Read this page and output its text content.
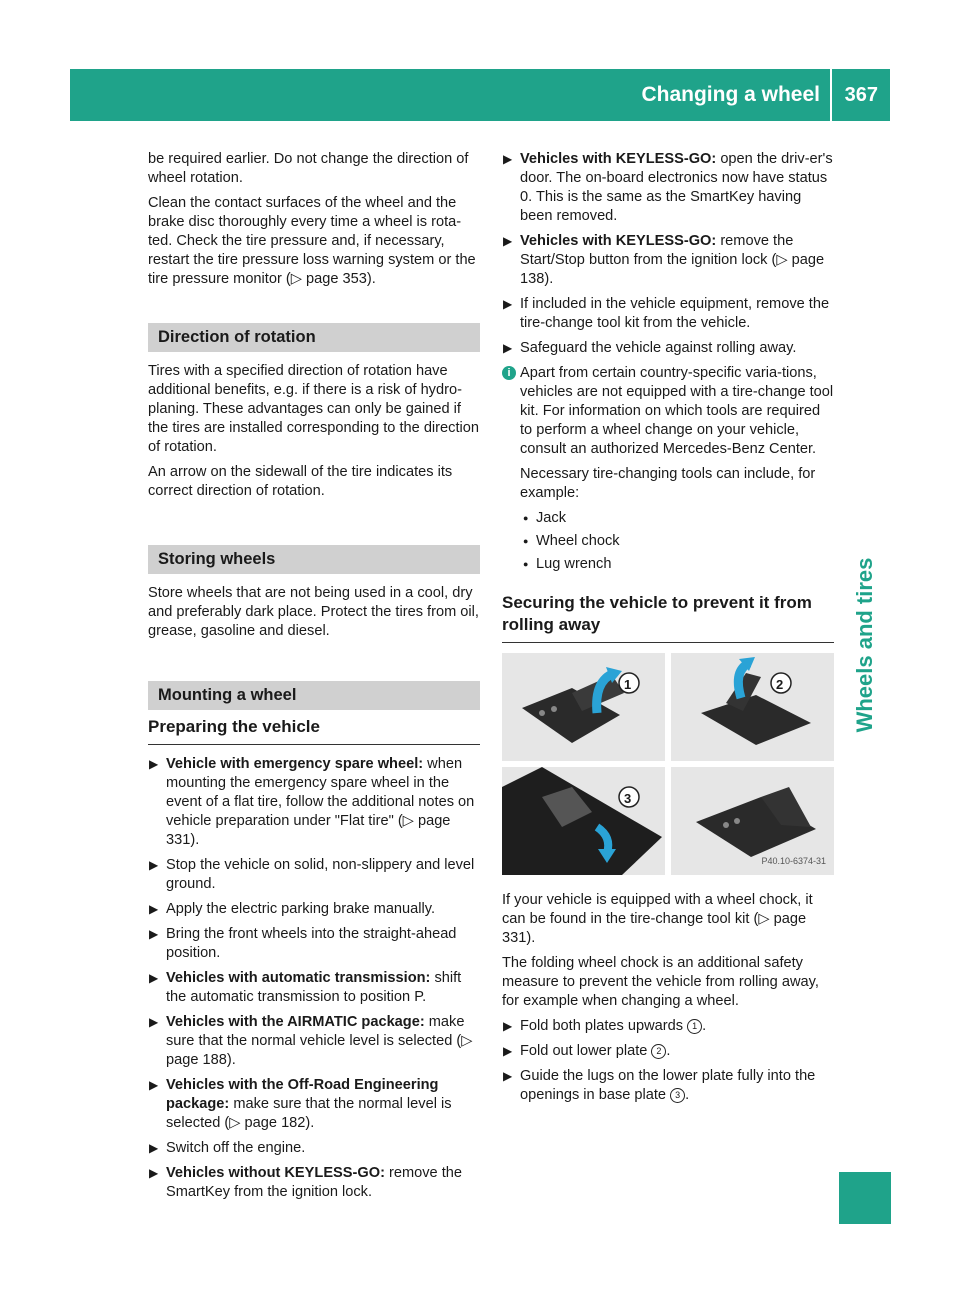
Changing a wheel 367
Wheels and tires

be required earlier. Do not change the direction of wheel rotation.

Clean the contact surfaces of the wheel and the brake disc thoroughly every time a wheel is rota-ted. Check the tire pressure and, if necessary, restart the tire pressure loss warning system or the tire pressure monitor (▷ page 353).

Direction of rotation

Tires with a specified direction of rotation have additional benefits, e.g. if there is a risk of hydro-planing. These advantages can only be gained if the tires are installed corresponding to the direction of rotation.

An arrow on the sidewall of the tire indicates its correct direction of rotation.

Storing wheels

Store wheels that are not being used in a cool, dry and preferably dark place. Protect the tires from oil, grease, gasoline and diesel.

Mounting a wheel
Preparing the vehicle
▶ Vehicle with emergency spare wheel: when mounting the emergency spare wheel in the event of a flat tire, follow the additional notes on vehicle preparation under "Flat tire" (▷ page 331).
▶ Stop the vehicle on solid, non-slippery and level ground.
▶ Apply the electric parking brake manually.
▶ Bring the front wheels into the straight-ahead position.
▶ Vehicles with automatic transmission: shift the automatic transmission to position P.
▶ Vehicles with the AIRMATIC package: make sure that the normal vehicle level is selected (▷ page 188).
▶ Vehicles with the Off-Road Engineering package: make sure that the normal level is selected (▷ page 182).
▶ Switch off the engine.
▶ Vehicles without KEYLESS-GO: remove the SmartKey from the ignition lock.
▶ Vehicles with KEYLESS-GO: open the driv-er's door. The on-board electronics now have status 0. This is the same as the SmartKey having been removed.
▶ Vehicles with KEYLESS-GO: remove the Start/Stop button from the ignition lock (▷ page 138).
▶ If included in the vehicle equipment, remove the tire-change tool kit from the vehicle.
▶ Safeguard the vehicle against rolling away.
i Apart from certain country-specific varia-tions, vehicles are not equipped with a tire-change tool kit. For information on which tools are required to perform a wheel change on your vehicle, consult an authorized Mercedes-Benz Center.

Necessary tire-changing tools can include, for example:

● Jack
● Wheel chock
● Lug wrench
Securing the vehicle to prevent it from rolling away
1	2
3
P40.10-6374-31

If your vehicle is equipped with a wheel chock, it can be found in the tire-change tool kit (▷ page 331).

The folding wheel chock is an additional safety measure to prevent the vehicle from rolling away, for example when changing a wheel.

▶ Fold both plates upwards 1 .
▶ Fold out lower plate 2 .
▶ Guide the lugs on the lower plate fully into the openings in base plate 3 .
